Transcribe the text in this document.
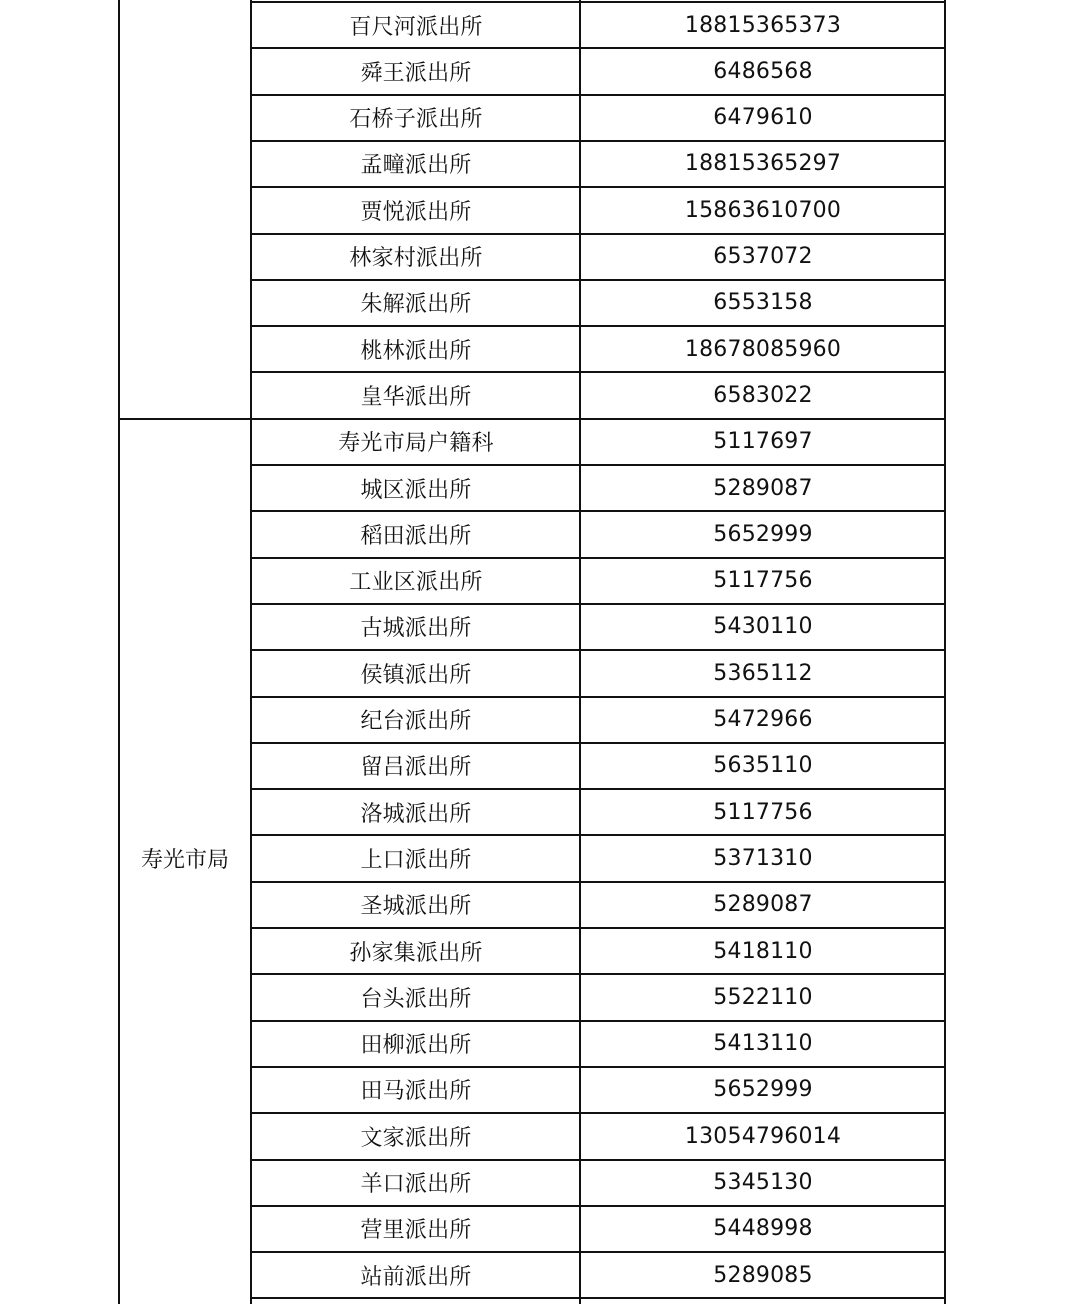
百尺河派出所	18815365373
舜王派出所	6486568
石桥子派出所	6479610
孟疃派出所	18815365297
贾悦派出所	15863610700
林家村派出所	6537072
朱解派出所	6553158
桃林派出所	18678085960
皇华派出所	6583022
寿光市局户籍科	5117697
城区派出所	5289087
稻田派出所	5652999
工业区派出所	5117756
古城派出所	5430110
侯镇派出所	5365112
纪台派出所	5472966
留吕派出所	5635110
洛城派出所	5117756
上口派出所	5371310
圣城派出所	5289087
孙家集派出所	5418110
台头派出所	5522110
田柳派出所	5413110
田马派出所	5652999
文家派出所	13054796014
羊口派出所	5345130
营里派出所	5448998
站前派出所	5289085
寿光市局
